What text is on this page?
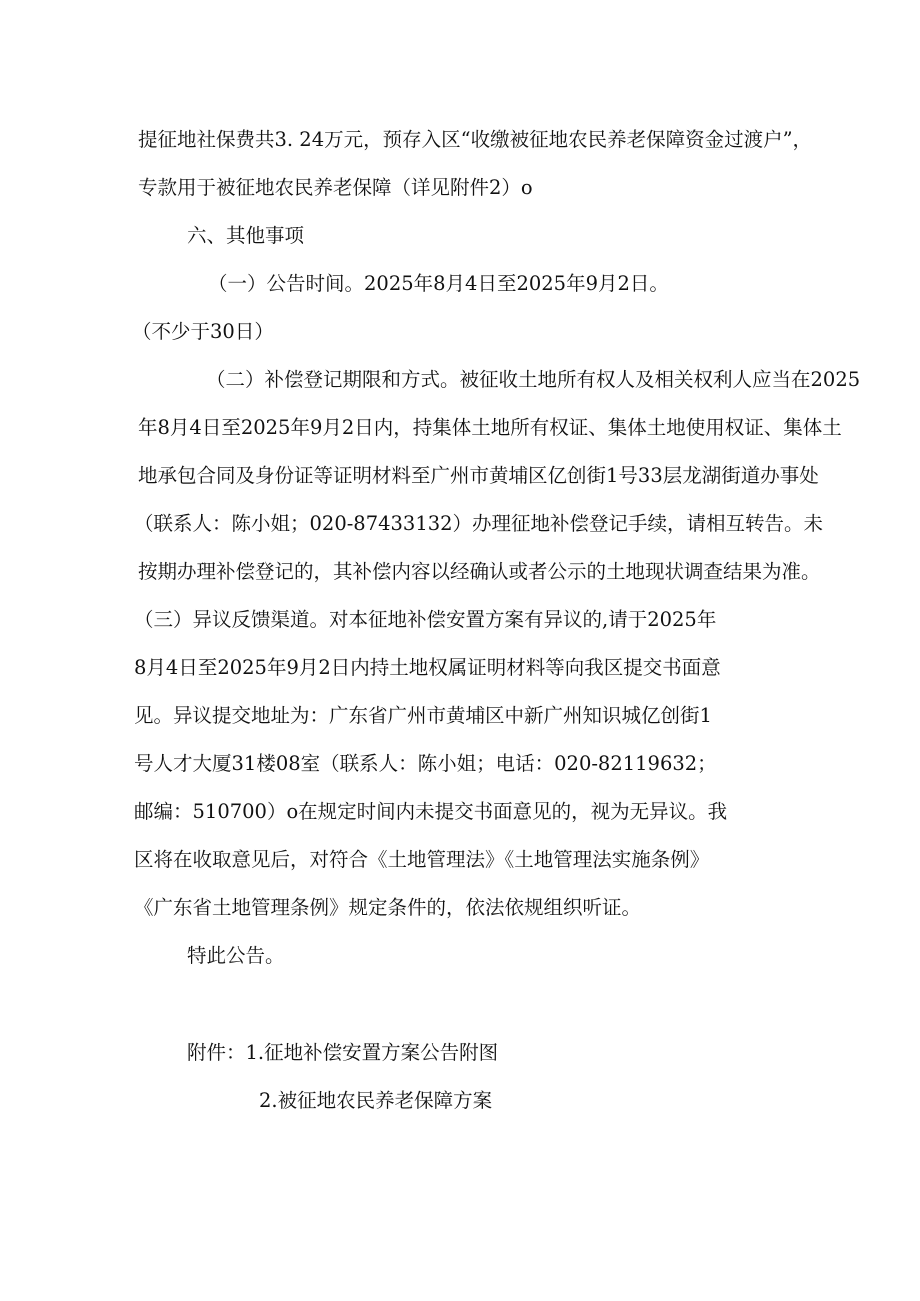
提征地社保费共3. 24万元，预存入区“收缴被征地农民养老保障资金过渡户”，
专款用于被征地农民养老保障（详见附件2）o
六、其他事项
（一）公告时间。2025年8月4日至2025年9月2日。
（不少于30日）
（二）补偿登记期限和方式。被征收土地所有权人及相关权利人应当在2025
年8月4日至2025年9月2日内，持集体土地所有权证、集体土地使用权证、集体土
地承包合同及身份证等证明材料至广州市黄埔区亿创街1号33层龙湖街道办事处
（联系人：陈小姐；020-87433132）办理征地补偿登记手续，请相互转告。未
按期办理补偿登记的，其补偿内容以经确认或者公示的土地现状调查结果为准。
（三）异议反馈渠道。对本征地补偿安置方案有异议的,请于2025年
8月4日至2025年9月2日内持土地权属证明材料等向我区提交书面意
见。异议提交地址为：广东省广州市黄埔区中新广州知识城亿创街1
号人才大厦31楼08室（联系人：陈小姐；电话：020-82119632；
邮编：510700）o在规定时间内未提交书面意见的，视为无异议。我
区将在收取意见后，对符合《土地管理法》《土地管理法实施条例》
《广东省土地管理条例》规定条件的，依法依规组织听证。
特此公告。
附件：1.征地补偿安置方案公告附图
2.被征地农民养老保障方案
